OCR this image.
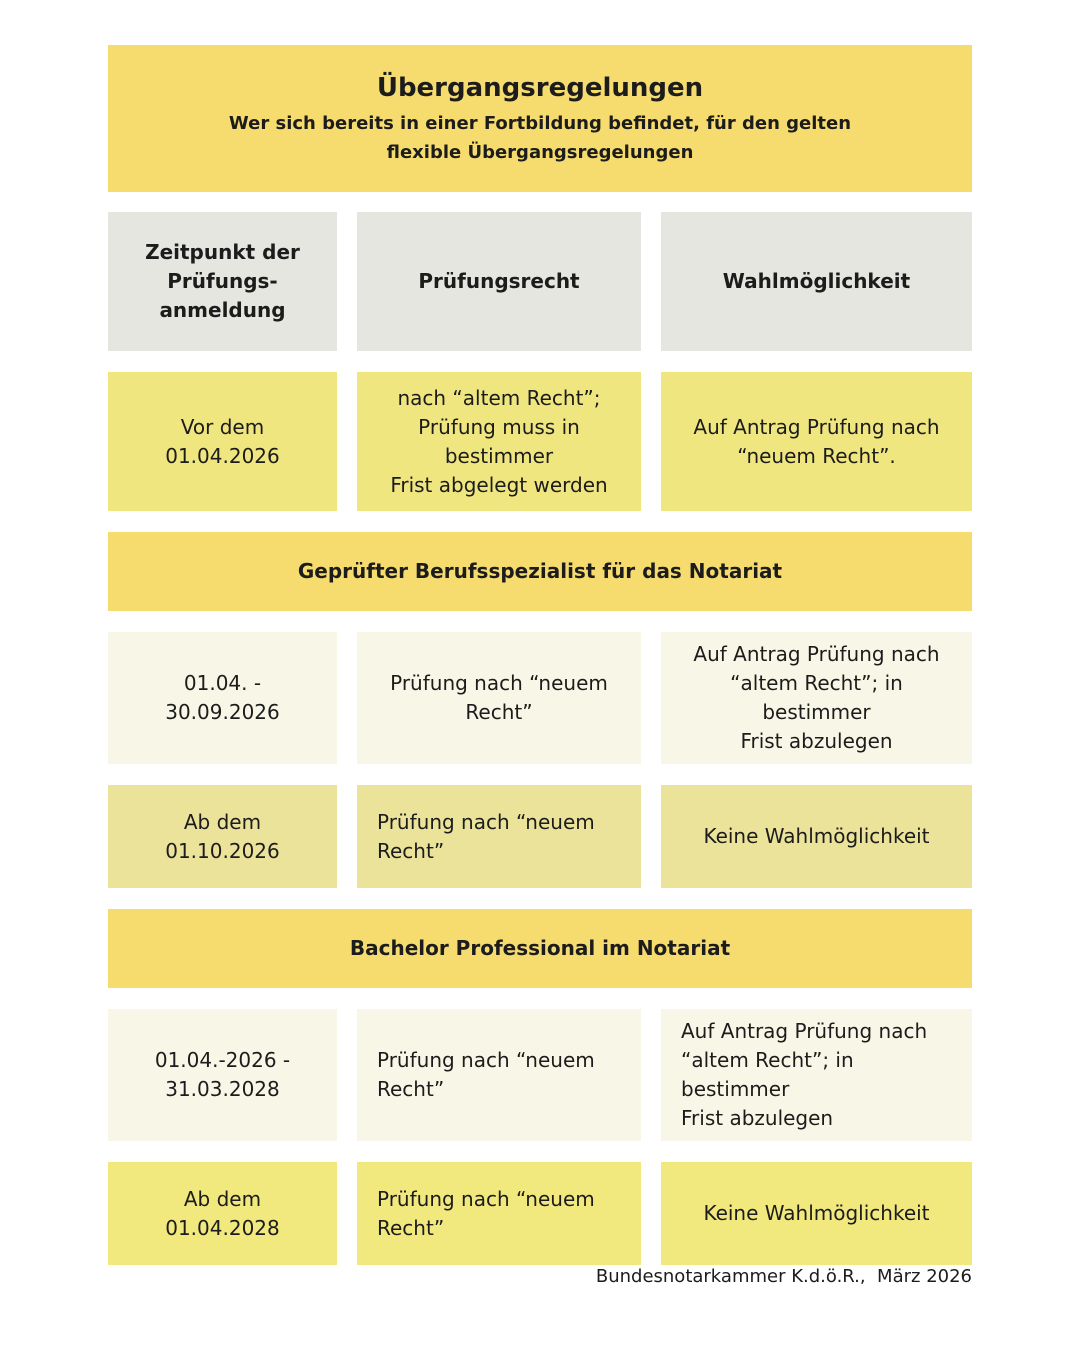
Übergangsregelungen
Wer sich bereits in einer Fortbildung befindet, für den gelten flexible Übergangsregelungen
Zeitpunkt der
Prüfungs-
anmeldung
Prüfungsrecht	Wahlmöglichkeit
Vor dem
01.04.2026
nach “altem Recht”;
Prüfung muss in bestimmer
Frist abgelegt werden
Auf Antrag Prüfung nach
“neuem Recht”.
Geprüfter Berufsspezialist für das Notariat
01.04. -
30.09.2026
Prüfung nach “neuem
Recht”
Auf Antrag Prüfung nach
“altem Recht”; in bestimmer
Frist abzulegen
Ab dem
01.10.2026
Prüfung nach “neuem
Recht”
Keine Wahlmöglichkeit
Bachelor Professional im Notariat
01.04.-2026 -
31.03.2028
Prüfung nach “neuem
Recht”
Auf Antrag Prüfung nach
“altem Recht”; in bestimmer
Frist abzulegen
Ab dem
01.04.2028
Prüfung nach “neuem
Recht”
Keine Wahlmöglichkeit
Bundesnotarkammer K.d.ö.R.,  März 2026
